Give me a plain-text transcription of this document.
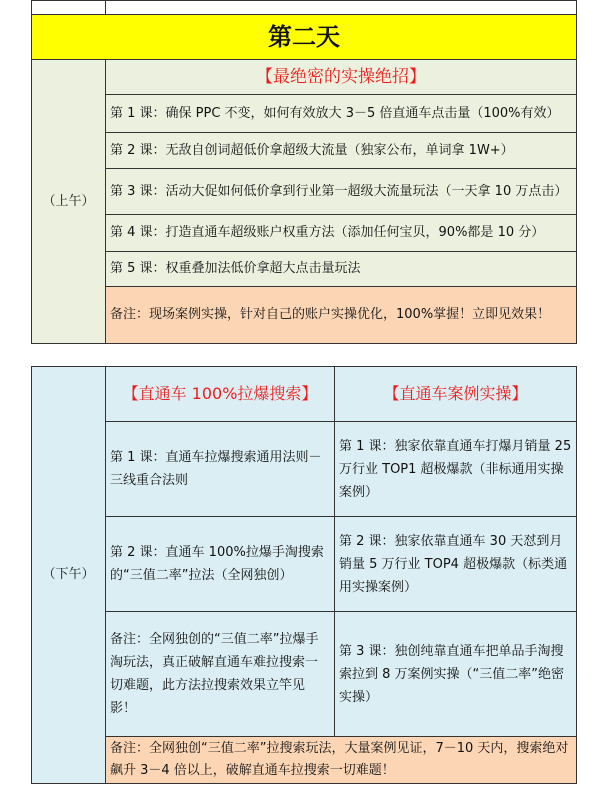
第二天	
（上午）	【最绝密的实操绝招】
	第 1 课：确保 PPC 不变，如何有效放大 3－5 倍直通车点击量（100%有效）
	第 2 课：无敌自创词超低价拿超级大流量（独家公布，单词拿 1W+）
	第 3 课：活动大促如何低价拿到行业第一超级大流量玩法（一天拿 10 万点击）
	第 4 课：打造直通车超级账户权重方法（添加任何宝贝，90%都是 10 分）
	第 5 课：权重叠加法低价拿超大点击量玩法
	备注：现场案例实操，针对自己的账户实操优化，100%掌握！立即见效果！
（下午）	【直通车 100%拉爆搜索】	【直通车案例实操】
	第 1 课：直通车拉爆搜索通用法则－三线重合法则	第 1 课：独家依靠直通车打爆月销量 25 万行业 TOP1 超极爆款（非标通用实操案例）
	第 2 课：直通车 100%拉爆手淘搜索的“三值二率”拉法（全网独创）	第 2 课：独家依靠直通车 30 天怼到月销量 5 万行业 TOP4 超极爆款（标类通用实操案例）
	备注：全网独创的“三值二率”拉爆手淘玩法，真正破解直通车难拉搜索一切难题，此方法拉搜索效果立竿见影！	第 3 课：独创纯靠直通车把单品手淘搜索拉到 8 万案例实操（“三值二率”绝密实操）
	备注：全网独创“三值二率”拉搜索玩法，大量案例见证，7－10 天内，搜索绝对飙升 3－4 倍以上，破解直通车拉搜索一切难题！	
